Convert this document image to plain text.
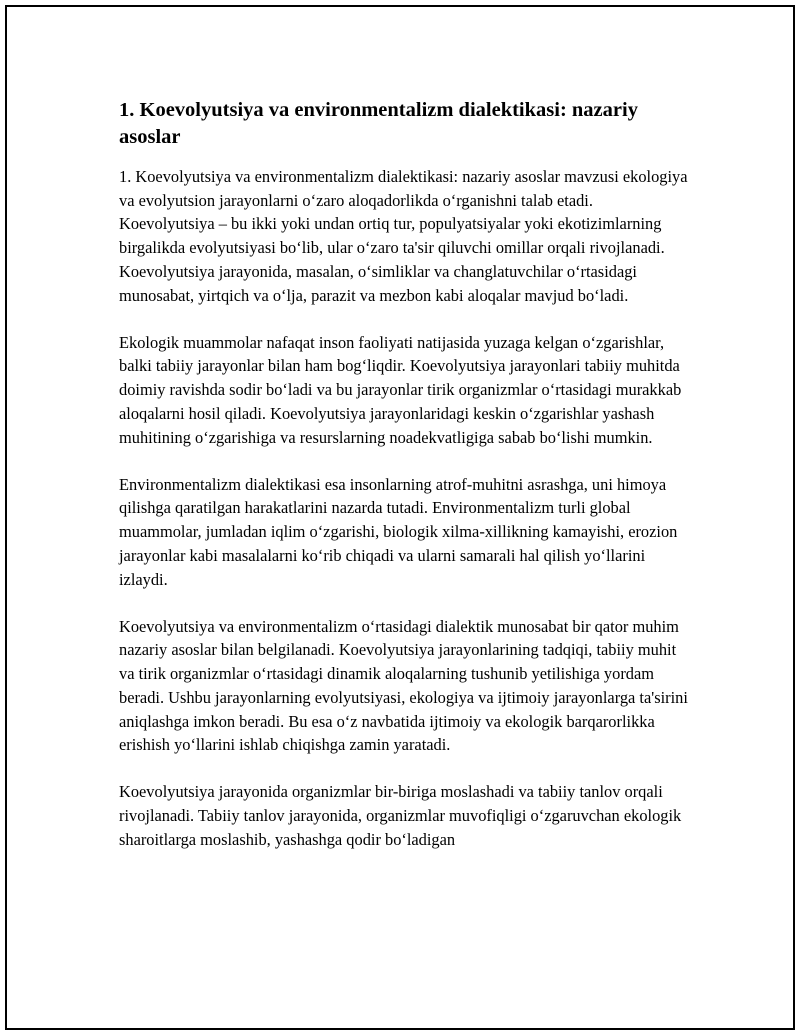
1. Koevolyutsiya va environmentalizm dialektikasi: nazariy asoslar

1. Koevolyutsiya va environmentalizm dialektikasi: nazariy asoslar mavzusi ekologiya va evolyutsion jarayonlarni o‘zaro aloqadorlikda o‘rganishni talab etadi. Koevolyutsiya – bu ikki yoki undan ortiq tur, populyatsiyalar yoki ekotizimlarning birgalikda evolyutsiyasi bo‘lib, ular o‘zaro ta'sir qiluvchi omillar orqali rivojlanadi. Koevolyutsiya jarayonida, masalan, o‘simliklar va changlatuvchilar o‘rtasidagi munosabat, yirtqich va o‘lja, parazit va mezbon kabi aloqalar mavjud bo‘ladi.

Ekologik muammolar nafaqat inson faoliyati natijasida yuzaga kelgan o‘zgarishlar, balki tabiiy jarayonlar bilan ham bog‘liqdir. Koevolyutsiya jarayonlari tabiiy muhitda doimiy ravishda sodir bo‘ladi va bu jarayonlar tirik organizmlar o‘rtasidagi murakkab aloqalarni hosil qiladi. Koevolyutsiya jarayonlaridagi keskin o‘zgarishlar yashash muhitining o‘zgarishiga va resurslarning noadekvatligiga sabab bo‘lishi mumkin.

Environmentalizm dialektikasi esa insonlarning atrof-muhitni asrashga, uni himoya qilishga qaratilgan harakatlarini nazarda tutadi. Environmentalizm turli global muammolar, jumladan iqlim o‘zgarishi, biologik xilma-xillikning kamayishi, erozion jarayonlar kabi masalalarni ko‘rib chiqadi va ularni samarali hal qilish yo‘llarini izlaydi.

Koevolyutsiya va environmentalizm o‘rtasidagi dialektik munosabat bir qator muhim nazariy asoslar bilan belgilanadi. Koevolyutsiya jarayonlarining tadqiqi, tabiiy muhit va tirik organizmlar o‘rtasidagi dinamik aloqalarning tushunib yetilishiga yordam beradi. Ushbu jarayonlarning evolyutsiyasi, ekologiya va ijtimoiy jarayonlarga ta'sirini aniqlashga imkon beradi. Bu esa o‘z navbatida ijtimoiy va ekologik barqarorlikka erishish yo‘llarini ishlab chiqishga zamin yaratadi.

Koevolyutsiya jarayonida organizmlar bir-biriga moslashadi va tabiiy tanlov orqali rivojlanadi. Tabiiy tanlov jarayonida, organizmlar muvofiqligi o‘zgaruvchan ekologik sharoitlarga moslashib, yashashga qodir bo‘ladigan
